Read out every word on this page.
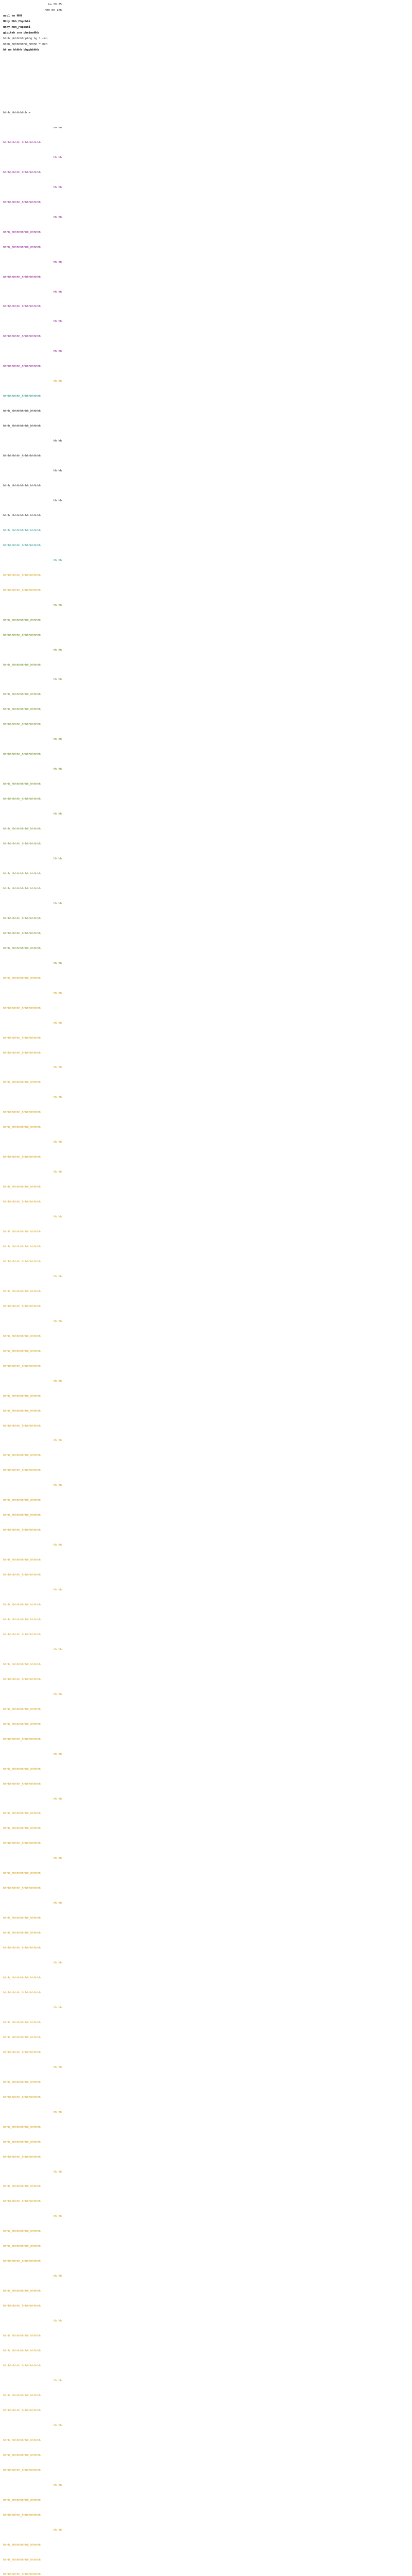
ba 29 25
hhh mn 1hh
acc1 nn HHH
Hhhy Hhh_Fhpbhhi
Hhhy Hhh_Fhpbhhi
gipiteh cnn phnimaHhb
hhbb_pbhhhhhhpbhg hg 1 cnn
hhbb_hhhhhhhhn_hhhhh = hcn
hh nn hhhhh bhgpbbhhb
hhhh_hhhhhhhhh =
nn nn
hhhhhhhhhh_hhhhhhhhhhh
hh hh
hhhhhhhhhh_hhhhhhhhhhh
hh hh
hhhhhhhhhh_hhhhhhhhhhh
hh hh
hhhh_hhhhhhhhhh_hhhhhh
hhhh_hhhhhhhhhh_hhhhhh
hh hh
hhhhhhhhhh_hhhhhhhhhhh
hh hh
hhhhhhhhhh_hhhhhhhhhhh
hh hh
hhhhhhhhhh_hhhhhhhhhhh
hh hh
hhhhhhhhhh_hhhhhhhhhhh
hh hh
hhhhhhhhhh_hhhhhhhhhhh
hhhh_hhhhhhhhhh_hhhhhh
hhhh_hhhhhhhhhh_hhhhhh
hh hh
hhhhhhhhhh_hhhhhhhhhhh
hh hh
hhhh_hhhhhhhhhh_hhhhhh
hh hh
hhhh_hhhhhhhhhh_hhhhhh
hhhh_hhhhhhhhhh_hhhhhh
hhhhhhhhhh_hhhhhhhhhhh
hh hh
hhhhhhhhhh_hhhhhhhhhhh
hhhhhhhhhh_hhhhhhhhhhh
hh hh
hhhh_hhhhhhhhhh_hhhhhh
hhhhhhhhhh_hhhhhhhhhhh
hh hh
hhhh_hhhhhhhhhh_hhhhhh
hh hh
hhhh_hhhhhhhhhh_hhhhhh
hhhh_hhhhhhhhhh_hhhhhh
hhhhhhhhhh_hhhhhhhhhhh
hh hh
hhhhhhhhhh_hhhhhhhhhhh
hh hh
hhhh_hhhhhhhhhh_hhhhhh
hhhhhhhhhh_hhhhhhhhhhh
hh hh
hhhh_hhhhhhhhhh_hhhhhh
hhhhhhhhhh_hhhhhhhhhhh
hh hh
hhhh_hhhhhhhhhh_hhhhhh
hhhh_hhhhhhhhhh_hhhhhh
hh hh
hhhhhhhhhh_hhhhhhhhhhh
hhhhhhhhhh_hhhhhhhhhhh
hhhh_hhhhhhhhhh_hhhhhh
hh hh
hhhh_hhhhhhhhhh_hhhhhh
hh hh
hhhhhhhhhh_hhhhhhhhhhh
hh hh
hhhhhhhhhh_hhhhhhhhhhh
hhhhhhhhhh_hhhhhhhhhhh
hh hh
hhhh_hhhhhhhhhh_hhhhhh
hh hh
hhhhhhhhhh_hhhhhhhhhhh
hhhh_hhhhhhhhhh_hhhhhh
hh hh
hhhhhhhhhh_hhhhhhhhhhh
hh hh
hhhh_hhhhhhhhhh_hhhhhh
hhhhhhhhhh_hhhhhhhhhhh
hh hh
hhhh_hhhhhhhhhh_hhhhhh
hhhh_hhhhhhhhhh_hhhhhh
hhhhhhhhhh_hhhhhhhhhhh
hh hh
hhhh_hhhhhhhhhh_hhhhhh
hhhhhhhhhh_hhhhhhhhhhh
hh hh
hhhh_hhhhhhhhhh_hhhhhh
hhhh_hhhhhhhhhh_hhhhhh
hhhhhhhhhh_hhhhhhhhhhh
hh hh
hhhh_hhhhhhhhhh_hhhhhh
hhhh_hhhhhhhhhh_hhhhhh
hhhhhhhhhh_hhhhhhhhhhh
hh hh
hhhh_hhhhhhhhhh_hhhhhh
hhhhhhhhhh_hhhhhhhhhhh
hh hh
hhhh_hhhhhhhhhh_hhhhhh
hhhh_hhhhhhhhhh_hhhhhh
hhhhhhhhhh_hhhhhhhhhhh
hh hh
hhhh_hhhhhhhhhh_hhhhhh
hhhhhhhhhh_hhhhhhhhhhh
hh hh
hhhh_hhhhhhhhhh_hhhhhh
hhhh_hhhhhhhhhh_hhhhhh
hhhhhhhhhh_hhhhhhhhhhh
hh hh
hhhh_hhhhhhhhhh_hhhhhh
hhhhhhhhhh_hhhhhhhhhhh
hh hh
hhhh_hhhhhhhhhh_hhhhhh
hhhh_hhhhhhhhhh_hhhhhh
hhhhhhhhhh_hhhhhhhhhhh
hh hh
hhhh_hhhhhhhhhh_hhhhhh
hhhhhhhhhh_hhhhhhhhhhh
hh hh
hhhh_hhhhhhhhhh_hhhhhh
hhhh_hhhhhhhhhh_hhhhhh
hhhhhhhhhh_hhhhhhhhhhh
hh hh
hhhh_hhhhhhhhhh_hhhhhh
hhhhhhhhhh_hhhhhhhhhhh
hh hh
hhhh_hhhhhhhhhh_hhhhhh
hhhh_hhhhhhhhhh_hhhhhh
hhhhhhhhhh_hhhhhhhhhhh
hh hh
hhhh_hhhhhhhhhh_hhhhhh
hhhhhhhhhh_hhhhhhhhhhh
hh hh
hhhh_hhhhhhhhhh_hhhhhh
hhhh_hhhhhhhhhh_hhhhhh
hhhhhhhhhh_hhhhhhhhhhh
hh hh
hhhh_hhhhhhhhhh_hhhhhh
hhhhhhhhhh_hhhhhhhhhhh
hh hh
hhhh_hhhhhhhhhh_hhhhhh
hhhh_hhhhhhhhhh_hhhhhh
hhhhhhhhhh_hhhhhhhhhhh
hh hh
hhhh_hhhhhhhhhh_hhhhhh
hhhhhhhhhh_hhhhhhhhhhh
hh hh
hhhh_hhhhhhhhhh_hhhhhh
hhhh_hhhhhhhhhh_hhhhhh
hhhhhhhhhh_hhhhhhhhhhh
hh hh
hhhh_hhhhhhhhhh_hhhhhh
hhhhhhhhhh_hhhhhhhhhhh
hh hh
hhhh_hhhhhhhhhh_hhhhhh
hhhh_hhhhhhhhhh_hhhhhh
hhhhhhhhhh_hhhhhhhhhhh
hh hh
hhhh_hhhhhhhhhh_hhhhhh
hhhhhhhhhh_hhhhhhhhhhh
hh hh
hhhh_hhhhhhhhhh_hhhhhh
hhhh_hhhhhhhhhh_hhhhhh
hhhhhhhhhh_hhhhhhhhhhh
hh hh
hhhh_hhhhhhhhhh_hhhhhh
hhhhhhhhhh_hhhhhhhhhhh
hh hh
hhhh_hhhhhhhhhh_hhhhhh
hhhh_hhhhhhhhhh_hhhhhh
hhhhhhhhhh_hhhhhhhhhhh
